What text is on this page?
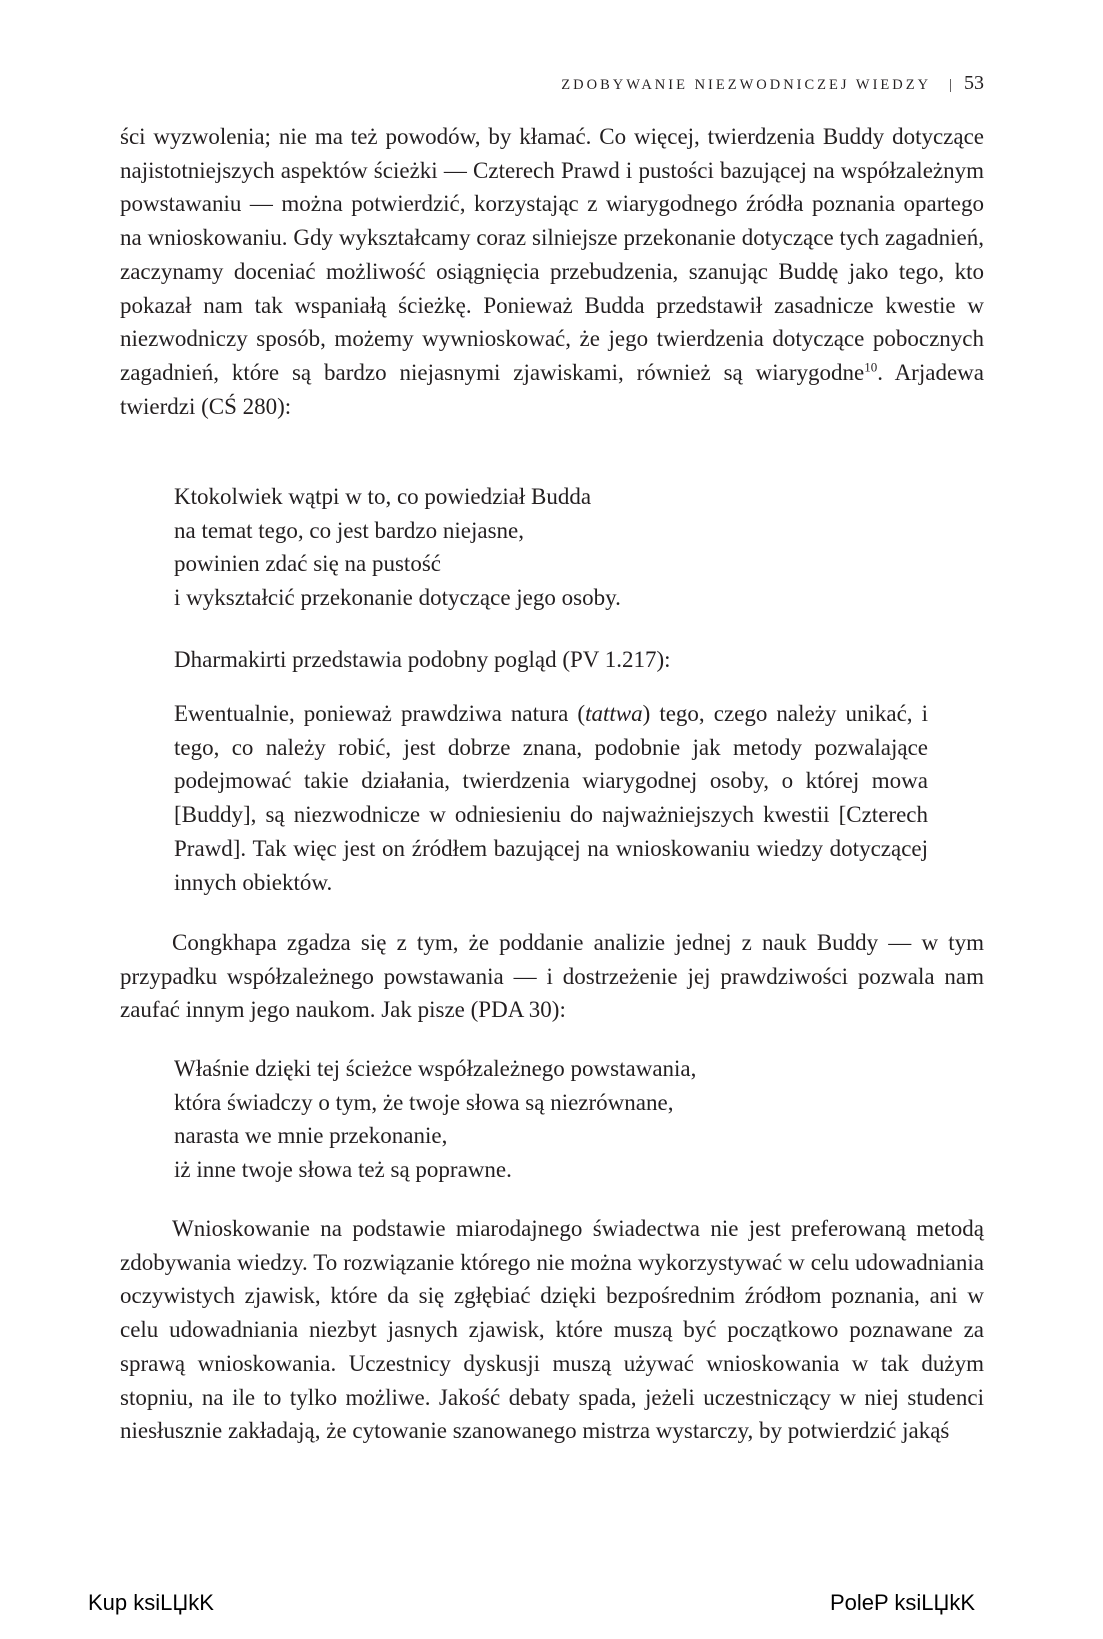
ZDOBYWANIE NIEZWODNICZEJ WIEDZY | 53

ści wyzwolenia; nie ma też powodów, by kłamać. Co więcej, twierdzenia Buddy dotyczące najistotniejszych aspektów ścieżki — Czterech Prawd i pustości bazującej na współzależnym powstawaniu — można potwierdzić, korzystając z wiarygodnego źródła poznania opartego na wnioskowaniu. Gdy wykształcamy coraz silniejsze przekonanie dotyczące tych zagadnień, zaczynamy doceniać możliwość osiągnięcia przebudzenia, szanując Buddę jako tego, kto pokazał nam tak wspaniałą ścieżkę. Ponieważ Budda przedstawił zasadnicze kwestie w niezwodniczy sposób, możemy wywnioskować, że jego twierdzenia dotyczące pobocznych zagadnień, które są bardzo niejasnymi zjawiskami, również są wiarygodne$^{10}$. Arjadewa twierdzi (CŚ 280):

Ktokolwiek wątpi w to, co powiedział Budda
na temat tego, co jest bardzo niejasne,
powinien zdać się na pustość
i wykształcić przekonanie dotyczące jego osoby.
Dharmakirti przedstawia podobny pogląd (PV 1.217):

Ewentualnie, ponieważ prawdziwa natura (tattwa) tego, czego należy unikać, i tego, co należy robić, jest dobrze znana, podobnie jak metody pozwalające podejmować takie działania, twierdzenia wiarygodnej osoby, o której mowa [Buddy], są niezwodnicze w odniesieniu do najważniejszych kwestii [Czterech Prawd]. Tak więc jest on źródłem bazującej na wnioskowaniu wiedzy dotyczącej innych obiektów.

Congkhapa zgadza się z tym, że poddanie analizie jednej z nauk Buddy — w tym przypadku współzależnego powstawania — i dostrzeżenie jej prawdziwości pozwala nam zaufać innym jego naukom. Jak pisze (PDA 30):

Właśnie dzięki tej ścieżce współzależnego powstawania,
która świadczy o tym, że twoje słowa są niezrównane,
narasta we mnie przekonanie,
iż inne twoje słowa też są poprawne.

Wnioskowanie na podstawie miarodajnego świadectwa nie jest preferowaną metodą zdobywania wiedzy. To rozwiązanie którego nie można wykorzystywać w celu udowadniania oczywistych zjawisk, które da się zgłębiać dzięki bezpośrednim źródłom poznania, ani w celu udowadniania niezbyt jasnych zjawisk, które muszą być początkowo poznawane za sprawą wnioskowania. Uczestnicy dyskusji muszą używać wnioskowania w tak dużym stopniu, na ile to tylko możliwe. Jakość debaty spada, jeżeli uczestniczący w niej studenci niesłusznie zakładają, że cytowanie szanowanego mistrza wystarczy, by potwierdzić jakąś

Kup ksiLЏkK	PoleP ksiLЏkK
